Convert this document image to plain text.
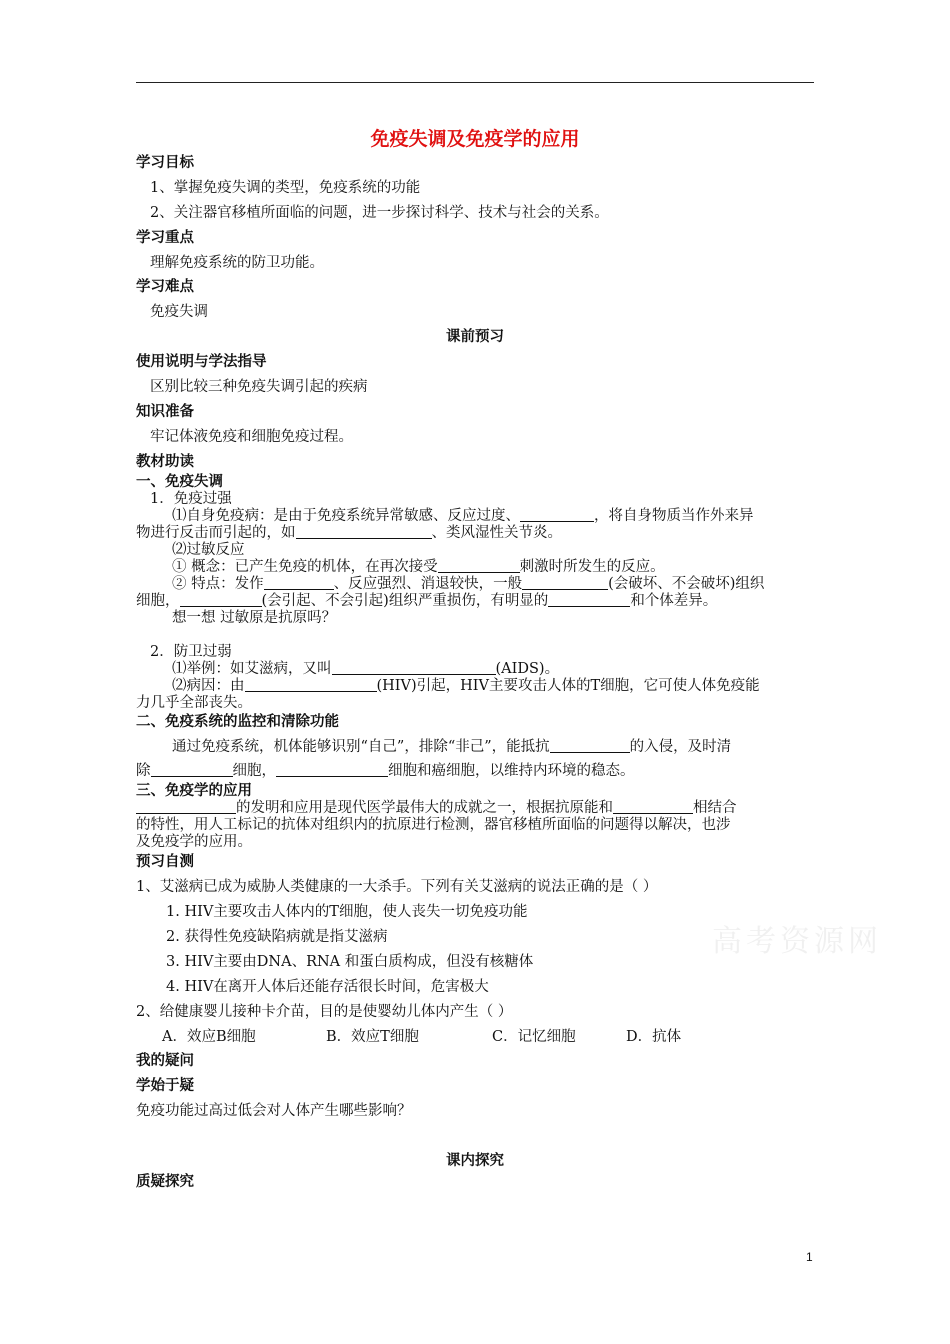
免疫失调及免疫学的应用
学习目标
1、掌握免疫失调的类型，免疫系统的功能
2、关注器官移植所面临的问题，进一步探讨科学、技术与社会的关系。
学习重点
理解免疫系统的防卫功能。
学习难点
免疫失调
课前预习
使用说明与学法指导
区别比较三种免疫失调引起的疾病
知识准备
牢记体液免疫和细胞免疫过程。
教材助读
一、免疫失调
1．免疫过强
⑴自身免疫病：是由于免疫系统异常敏感、反应过度、	，将自身物质当作外来异
物进行反击而引起的，如	、类风湿性关节炎。
⑵过敏反应
① 概念：已产生免疫的机体，在再次接受	刺激时所发生的反应。
② 特点：发作	、反应强烈、消退较快，一般	(会破坏、不会破坏)组织
细胞，	(会引起、不会引起)组织严重损伤，有明显的	和个体差异。
想一想 过敏原是抗原吗？
2．防卫过弱
⑴举例：如艾滋病，又叫	(AIDS)。
⑵病因：由	(HIV)引起，HIV主要攻击人体的T细胞，它可使人体免疫能
力几乎全部丧失。
二、免疫系统的监控和清除功能
通过免疫系统，机体能够识别“自己”，排除“非己”，能抵抗	的入侵，及时清
除	细胞，	细胞和癌细胞，以维持内环境的稳态。
三、免疫学的应用
的发明和应用是现代医学最伟大的成就之一，根据抗原能和	相结合
的特性，用人工标记的抗体对组织内的抗原进行检测，器官移植所面临的问题得以解决，也涉
及免疫学的应用。
预习自测
1、艾滋病已成为威胁人类健康的一大杀手。下列有关艾滋病的说法正确的是（ ）
1. HIV主要攻击人体内的T细胞，使人丧失一切免疫功能
2. 获得性免疫缺陷病就是指艾滋病
3. HIV主要由DNA、RNA 和蛋白质构成，但没有核糖体
4. HIV在离开人体后还能存活很长时间，危害极大
2、给健康婴儿接种卡介苗，目的是使婴幼儿体内产生（ ）
A．效应B细胞	B．效应T细胞	C．记忆细胞	D．抗体
我的疑问
学始于疑
免疫功能过高过低会对人体产生哪些影响？
课内探究
质疑探究
高考资源网
1
